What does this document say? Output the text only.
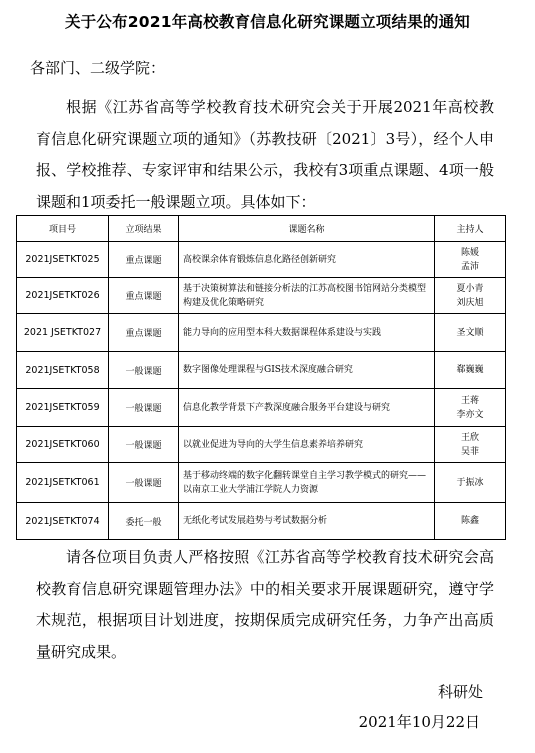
关于公布2021年高校教育信息化研究课题立项结果的通知
各部门、二级学院：
根据《江苏省高等学校教育技术研究会关于开展2021年高校教育信息化研究课题立项的通知》（苏教技研〔2021〕3号），经个人申报、学校推荐、专家评审和结果公示，我校有3项重点课题、4项一般课题和1项委托一般课题立项。具体如下：
项目号	立项结果	课题名称	主持人
2021JSETKT025	重点课题	高校课余体育锻炼信息化路径创新研究	陈媛
孟沛
2021JSETKT026	重点课题	基于决策树算法和链接分析法的江苏高校图书馆网站分类模型构建及优化策略研究	夏小青
刘庆旭
2021 JSETKT027	重点课题	能力导向的应用型本科大数据课程体系建设与实践	圣文顺
2021JSETKT058	一般课题	数字图像处理课程与GIS技术深度融合研究	郗巍巍
2021JSETKT059	一般课题	信息化教学背景下产教深度融合服务平台建设与研究	王蒋
李亦文
2021JSETKT060	一般课题	以就业促进为导向的大学生信息素养培养研究	王欣
吴菲
2021JSETKT061	一般课题	基于移动终端的数字化翻转课堂自主学习教学模式的研究——以南京工业大学浦江学院人力资源	于振冰
2021JSETKT074	委托一般	无纸化考试发展趋势与考试数据分析	陈鑫
请各位项目负责人严格按照《江苏省高等学校教育技术研究会高校教育信息研究课题管理办法》中的相关要求开展课题研究，遵守学术规范，根据项目计划进度，按期保质完成研究任务，力争产出高质量研究成果。
科研处
2021年10月22日
